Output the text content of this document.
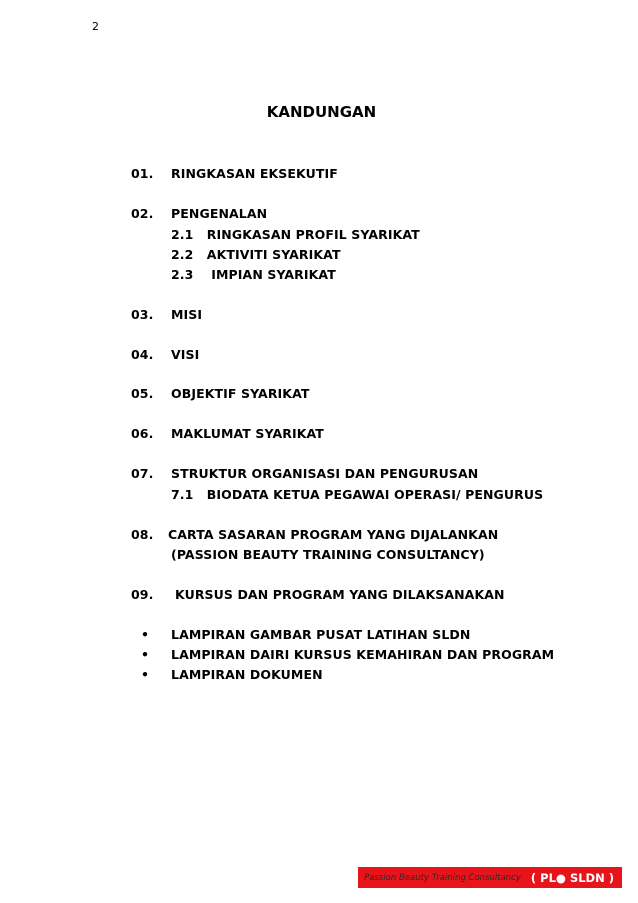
2
KANDUNGAN
01. RINGKASAN EKSEKUTIF
02. PENGENALAN
2.1   RINGKASAN PROFIL SYARIKAT
2.2   AKTIVITI SYARIKAT
2.3    IMPIAN SYARIKAT
03. MISI
04. VISI
05. OBJEKTIF SYARIKAT
06. MAKLUMAT SYARIKAT
07. STRUKTUR ORGANISASI DAN PENGURUSAN
7.1   BIODATA KETUA PEGAWAI OPERASI/ PENGURUS
08. CARTA SASARAN PROGRAM YANG DIJALANKAN
(PASSION BEAUTY TRAINING CONSULTANCY)
09. KURSUS DAN PROGRAM YANG DILAKSANAKAN
• LAMPIRAN GAMBAR PUSAT LATIHAN SLDN
• LAMPIRAN DAIRI KURSUS KEMAHIRAN DAN PROGRAM
• LAMPIRAN DOKUMEN
Passion Beauty Training Consultancy ( PL● SLDN )
